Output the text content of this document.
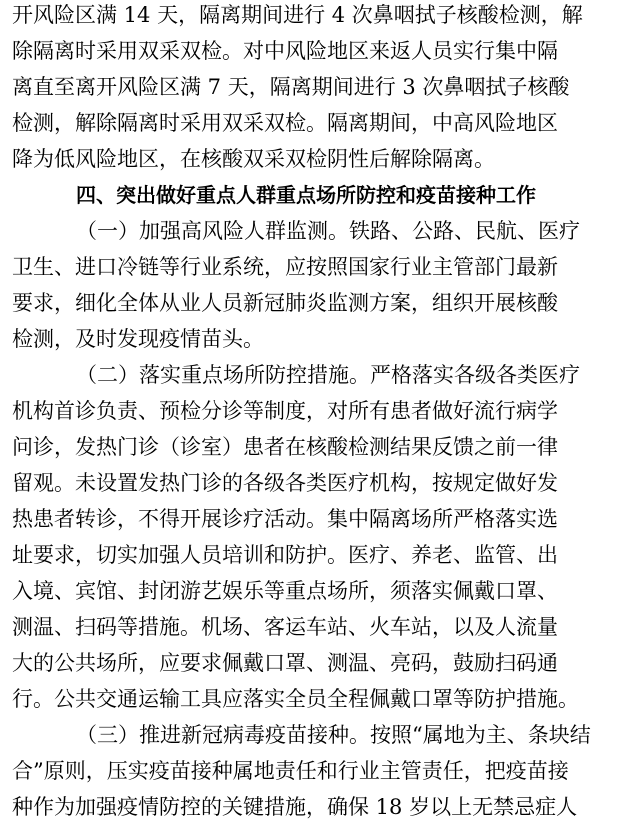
开风险区满 14 天，隔离期间进行 4 次鼻咽拭子核酸检测，解
除隔离时采用双采双检。对中风险地区来返人员实行集中隔
离直至离开风险区满 7 天，隔离期间进行 3 次鼻咽拭子核酸
检测，解除隔离时采用双采双检。隔离期间，中高风险地区
降为低风险地区，在核酸双采双检阴性后解除隔离。
四、突出做好重点人群重点场所防控和疫苗接种工作
（一）加强高风险人群监测。铁路、公路、民航、医疗
卫生、进口冷链等行业系统，应按照国家行业主管部门最新
要求，细化全体从业人员新冠肺炎监测方案，组织开展核酸
检测，及时发现疫情苗头。
（二）落实重点场所防控措施。严格落实各级各类医疗
机构首诊负责、预检分诊等制度，对所有患者做好流行病学
问诊，发热门诊（诊室）患者在核酸检测结果反馈之前一律
留观。未设置发热门诊的各级各类医疗机构，按规定做好发
热患者转诊，不得开展诊疗活动。集中隔离场所严格落实选
址要求，切实加强人员培训和防护。医疗、养老、监管、出
入境、宾馆、封闭游艺娱乐等重点场所，须落实佩戴口罩、
测温、扫码等措施。机场、客运车站、火车站，以及人流量
大的公共场所，应要求佩戴口罩、测温、亮码，鼓励扫码通
行。公共交通运输工具应落实全员全程佩戴口罩等防护措施。
（三）推进新冠病毒疫苗接种。按照“属地为主、条块结
合”原则，压实疫苗接种属地责任和行业主管责任，把疫苗接
种作为加强疫情防控的关键措施，确保 18 岁以上无禁忌症人
